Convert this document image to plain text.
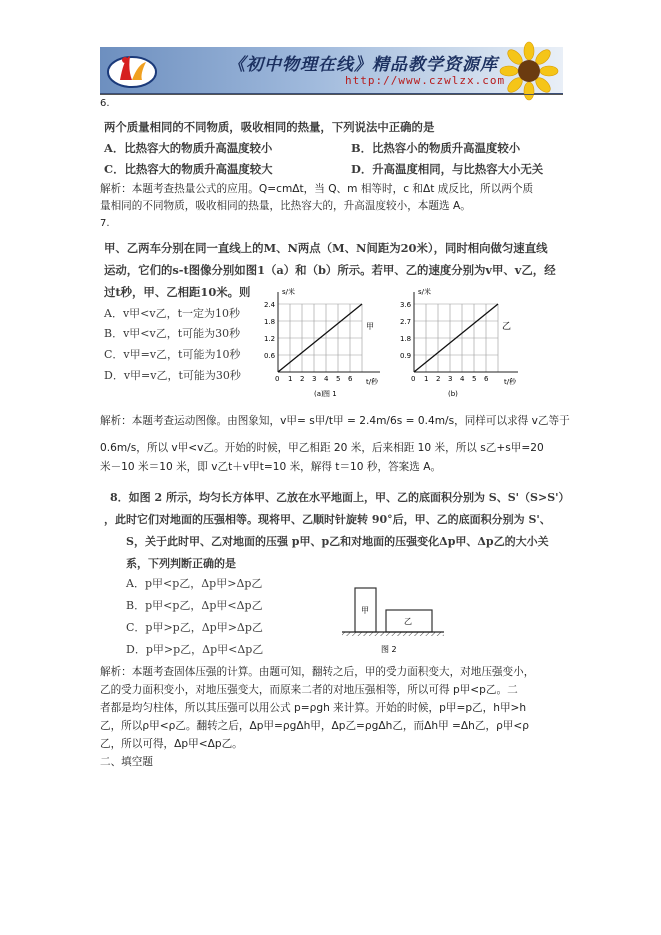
《初中物理在线》精品教学资源库
http://www.czwlzx.com
6.
两个质量相同的不同物质，吸收相同的热量，下列说法中正确的是
A．比热容大的物质升高温度较小	B．比热容小的物质升高温度较小
C．比热容大的物质升高温度较大	D．升高温度相同，与比热容大小无关
解析：本题考查热量公式的应用。Q=cmΔt，当 Q、m 相等时，c 和Δt 成反比，所以两个质
量相同的不同物质，吸收相同的热量，比热容大的，升高温度较小，本题选 A。
7.
甲、乙两车分别在同一直线上的M、N两点（M、N间距为20米），同时相向做匀速直线
运动，它们的s-t图像分别如图1（a）和（b）所示。若甲、乙的速度分别为v甲、v乙，经
过t秒，甲、乙相距10米。则
A．v甲<v乙，t一定为10秒
B．v甲<v乙，t可能为30秒
C．v甲=v乙，t可能为10秒
D．v甲=v乙，t可能为30秒
s/米
t/秒
甲
0.6
1.2
1.8
2.4
0 1 2 3 4 5 6
(a)
s/米
t/秒
乙
0.9
1.8
2.7
3.6
0 1 2 3 4 5 6
(b)
图 1
解析：本题考查运动图像。由图象知，v甲= s甲/t甲 = 2.4m/6s = 0.4m/s，同样可以求得 v乙等于
0.6m/s，所以 v甲<v乙。开始的时候，甲乙相距 20 米，后来相距 10 米，所以 s乙+s甲=20
米－10 米＝10 米，即 v乙t＋v甲t=10 米，解得 t＝10 秒，答案选 A。
8．如图 2 所示，均匀长方体甲、乙放在水平地面上，甲、乙的底面积分别为 S、S'（S>S'）
，此时它们对地面的压强相等。现将甲、乙顺时针旋转 90°后，甲、乙的底面积分别为 S'、
S，关于此时甲、乙对地面的压强 p甲、p乙和对地面的压强变化Δp甲、Δp乙的大小关
系，下列判断正确的是
A．p甲<p乙，Δp甲>Δp乙
B．p甲<p乙，Δp甲<Δp乙
C．p甲>p乙，Δp甲>Δp乙
D．p甲>p乙，Δp甲<Δp乙
甲
乙
图 2
解析：本题考查固体压强的计算。由题可知，翻转之后，甲的受力面积变大，对地压强变小，
乙的受力面积变小，对地压强变大，而原来二者的对地压强相等，所以可得 p甲<p乙。二
者都是均匀柱体，所以其压强可以用公式 p=ρgh 来计算。开始的时候，p甲=p乙，h甲>h
乙，所以ρ甲<ρ乙。翻转之后，Δp甲=ρgΔh甲，Δp乙=ρgΔh乙，而Δh甲 =Δh乙，ρ甲<ρ
乙，所以可得，Δp甲<Δp乙。
二、填空题
